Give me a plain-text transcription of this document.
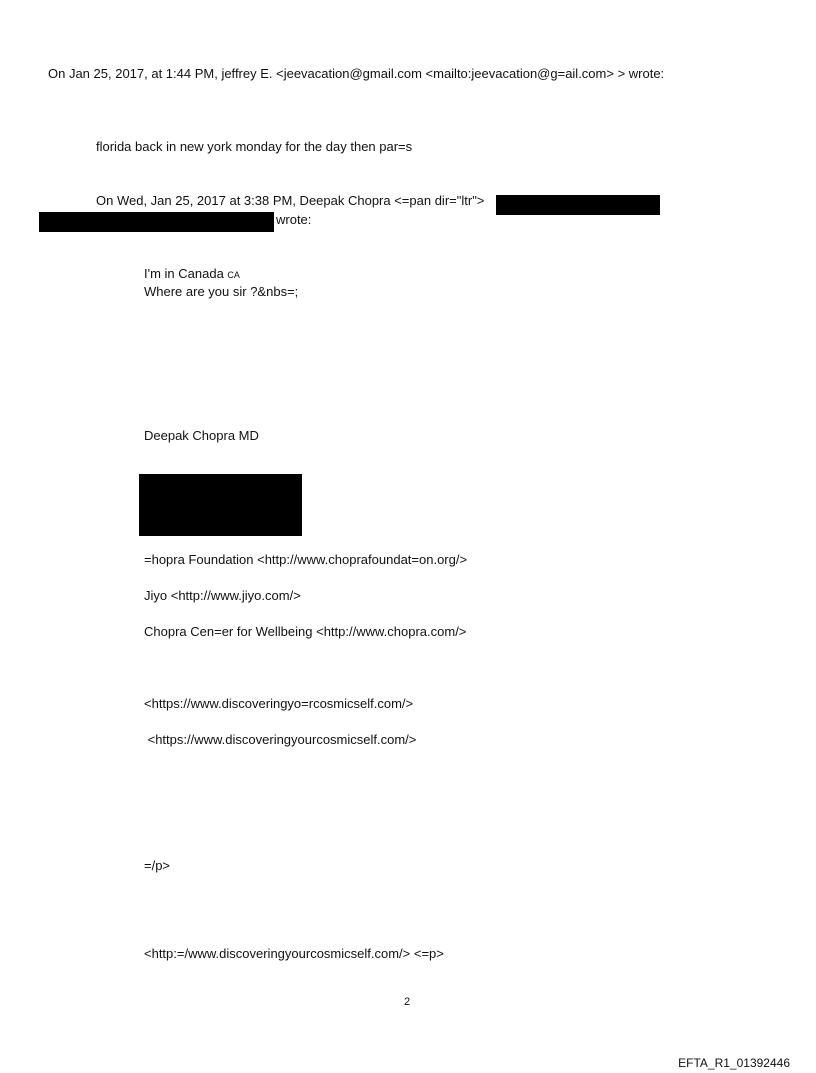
On Jan 25, 2017, at 1:44 PM, jeffrey E. <jeevacation@gmail.com <mailto:jeevacation@g=ail.com> > wrote:
florida back in new york monday for the day then par=s
On Wed, Jan 25, 2017 at 3:38 PM, Deepak Chopra <=pan dir="ltr">
wrote:
I'm in Canada CA
Where are you sir ?&nbs=;
Deepak Chopra MD
=hopra Foundation <http://www.choprafoundat=on.org/>
Jiyo <http://www.jiyo.com/>
Chopra Cen=er for Wellbeing <http://www.chopra.com/>
<https://www.discoveringyo=rcosmicself.com/>
<https://www.discoveringyourcosmicself.com/>
=/p>
<http:=/www.discoveringyourcosmicself.com/> <=p>
2
EFTA_R1_01392446
